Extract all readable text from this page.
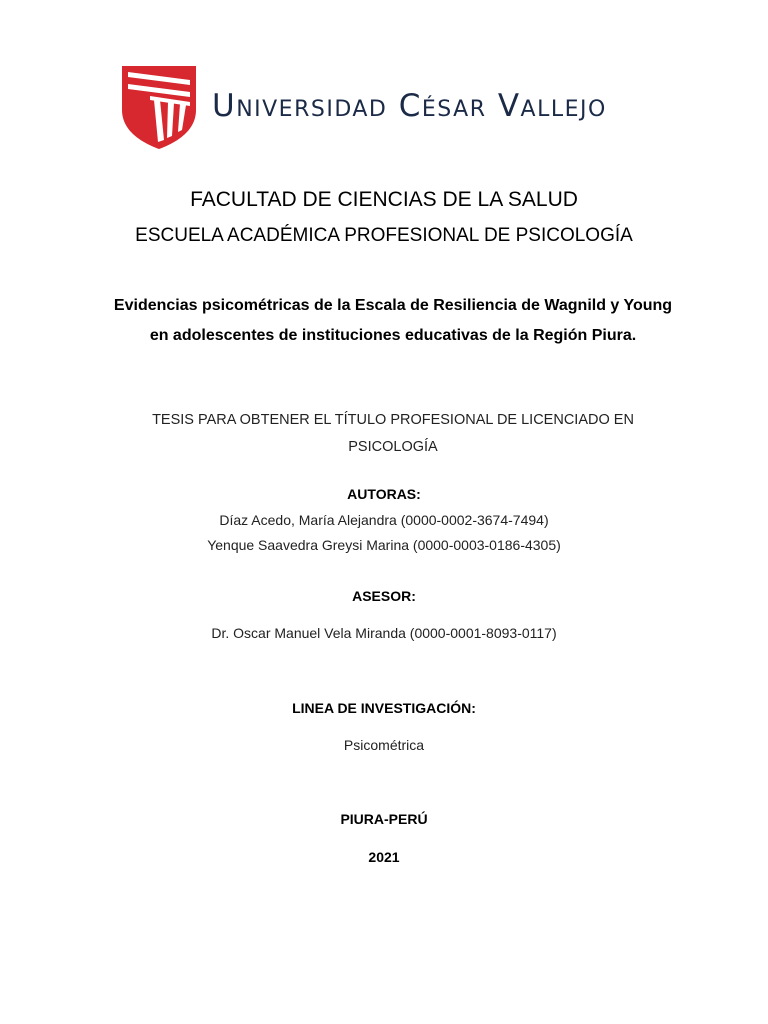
Universidad César Vallejo
FACULTAD DE CIENCIAS DE LA SALUD
ESCUELA ACADÉMICA PROFESIONAL DE PSICOLOGÍA
Evidencias psicométricas de la Escala de Resiliencia de Wagnild y Young en adolescentes de instituciones educativas de la Región Piura.
TESIS PARA OBTENER EL TÍTULO PROFESIONAL DE LICENCIADO EN PSICOLOGÍA
AUTORAS:
Díaz Acedo, María Alejandra (0000-0002-3674-7494)
Yenque Saavedra Greysi Marina (0000-0003-0186-4305)
ASESOR:
Dr. Oscar Manuel Vela Miranda (0000-0001-8093-0117)
LINEA DE INVESTIGACIÓN:
Psicométrica
PIURA-PERÚ
2021
